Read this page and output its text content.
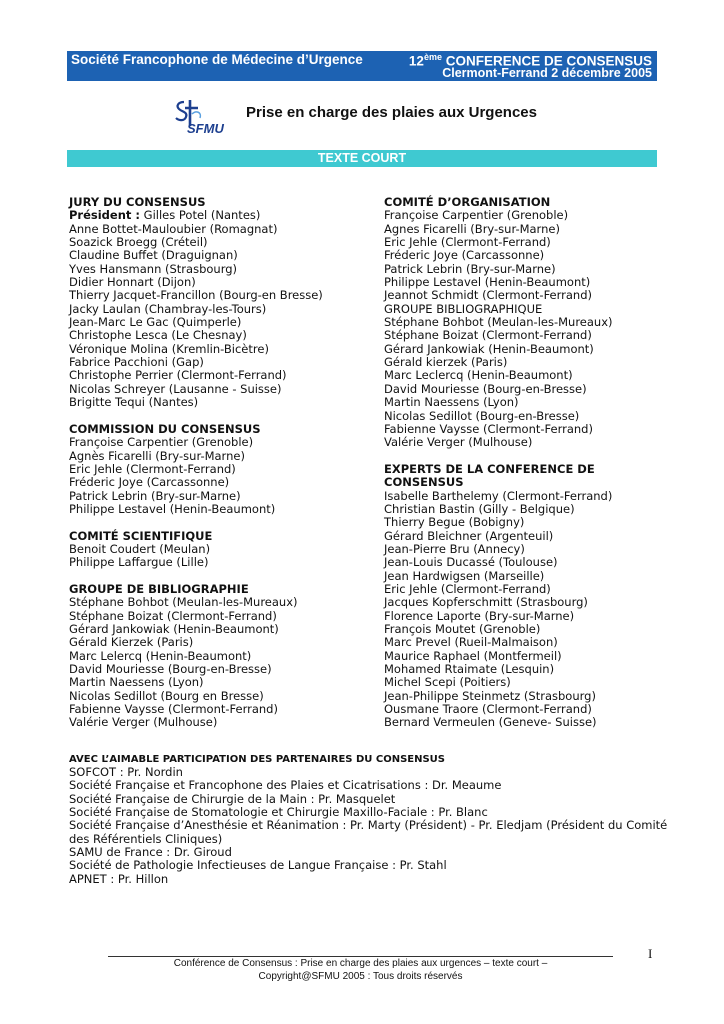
Société Francophone de Médecine d’Urgence	12ème CONFERENCE DE CONSENSUS
Clermont-Ferrand 2 décembre 2005
SFMU
Prise en charge des plaies aux Urgences
TEXTE COURT
JURY DU CONSENSUS
Président : Gilles Potel (Nantes)
Anne Bottet-Mauloubier (Romagnat)
Soazick Broegg (Créteil)
Claudine Buffet (Draguignan)
Yves Hansmann (Strasbourg)
Didier Honnart (Dijon)
Thierry Jacquet-Francillon (Bourg-en Bresse)
Jacky Laulan (Chambray-les-Tours)
Jean-Marc Le Gac (Quimperle)
Christophe Lesca (Le Chesnay)
Véronique Molina (Kremlin-Bicètre)
Fabrice Pacchioni (Gap)
Christophe Perrier (Clermont-Ferrand)
Nicolas Schreyer (Lausanne - Suisse)
Brigitte Tequi (Nantes)
COMMISSION DU CONSENSUS
Françoise Carpentier (Grenoble)
Agnès Ficarelli (Bry-sur-Marne)
Eric Jehle (Clermont-Ferrand)
Fréderic Joye (Carcassonne)
Patrick Lebrin (Bry-sur-Marne)
Philippe Lestavel (Henin-Beaumont)
COMITÉ SCIENTIFIQUE
Benoit Coudert (Meulan)
Philippe Laffargue (Lille)
GROUPE DE BIBLIOGRAPHIE
Stéphane Bohbot (Meulan-les-Mureaux)
Stéphane Boizat (Clermont-Ferrand)
Gérard Jankowiak (Henin-Beaumont)
Gérald Kierzek (Paris)
Marc Lelercq (Henin-Beaumont)
David Mouriesse (Bourg-en-Bresse)
Martin Naessens (Lyon)
Nicolas Sedillot (Bourg en Bresse)
Fabienne Vaysse (Clermont-Ferrand)
Valérie Verger (Mulhouse)
COMITÉ D’ORGANISATION
Françoise Carpentier (Grenoble)
Agnes Ficarelli (Bry-sur-Marne)
Eric Jehle (Clermont-Ferrand)
Fréderic Joye (Carcassonne)
Patrick Lebrin (Bry-sur-Marne)
Philippe Lestavel (Henin-Beaumont)
Jeannot Schmidt (Clermont-Ferrand)
GROUPE BIBLIOGRAPHIQUE
Stéphane Bohbot (Meulan-les-Mureaux)
Stéphane Boizat (Clermont-Ferrand)
Gérard Jankowiak (Henin-Beaumont)
Gérald kierzek (Paris)
Marc Leclercq (Henin-Beaumont)
David Mouriesse (Bourg-en-Bresse)
Martin Naessens (Lyon)
Nicolas Sedillot (Bourg-en-Bresse)
Fabienne Vaysse (Clermont-Ferrand)
Valérie Verger (Mulhouse)
EXPERTS DE LA CONFERENCE DE
CONSENSUS
Isabelle Barthelemy (Clermont-Ferrand)
Christian Bastin (Gilly - Belgique)
Thierry Begue (Bobigny)
Gérard Bleichner (Argenteuil)
Jean-Pierre Bru (Annecy)
Jean-Louis Ducassé (Toulouse)
Jean Hardwigsen (Marseille)
Eric Jehle (Clermont-Ferrand)
Jacques Kopferschmitt (Strasbourg)
Florence Laporte (Bry-sur-Marne)
François Moutet (Grenoble)
Marc Prevel (Rueil-Malmaison)
Maurice Raphael (Montfermeil)
Mohamed Rtaimate (Lesquin)
Michel Scepi (Poitiers)
Jean-Philippe Steinmetz (Strasbourg)
Ousmane Traore (Clermont-Ferrand)
Bernard Vermeulen (Geneve- Suisse)
AVEC L’AIMABLE PARTICIPATION DES PARTENAIRES DU CONSENSUS
SOFCOT : Pr. Nordin
Société Française et Francophone des Plaies et Cicatrisations : Dr. Meaume
Société Française de Chirurgie de la Main : Pr. Masquelet
Société Française de Stomatologie et Chirurgie Maxillo-Faciale : Pr. Blanc
Société Française d’Anesthésie et Réanimation : Pr. Marty (Président) - Pr. Eledjam (Président du Comité des Référentiels Cliniques)
SAMU de France : Dr. Giroud
Société de Pathologie Infectieuses de Langue Française : Pr. Stahl
APNET : Pr. Hillon
I
Conférence de Consensus : Prise en charge des plaies aux urgences – texte court –
Copyright@SFMU 2005 : Tous droits réservés
